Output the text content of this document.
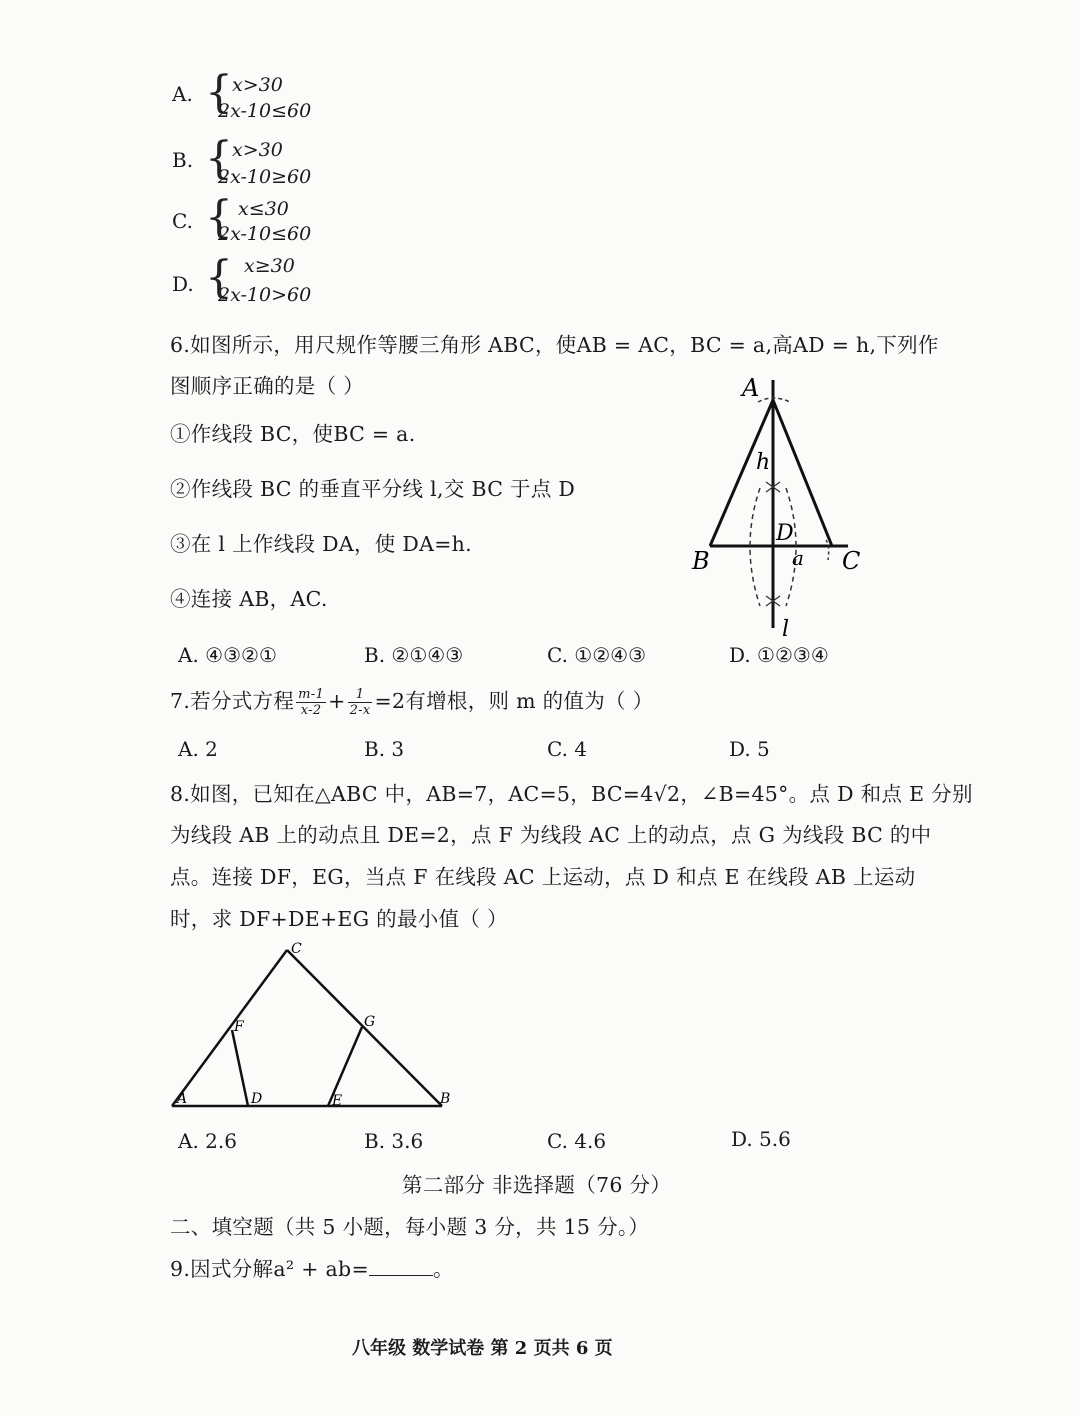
A. { x>30
2x-10≤60
B. { x>30
2x-10≥60
C. { x≤30
2x-10≤60
D. { x≥30
2x-10>60
6.如图所示，用尺规作等腰三角形 ABC，使AB = AC，BC = a,高AD = h,下列作
图顺序正确的是（ ）
①作线段 BC，使BC = a.
②作线段 BC 的垂直平分线 l,交 BC 于点 D
③在 l 上作线段 DA，使 DA=h.
④连接 AB，AC.
A
B	C
D
h
a
l
A. ④③②①	B. ②①④③	C. ①②④③	D. ①②③④
7.若分式方程 $\frac{m-1}{x-2} + \frac{1}{2-x} =2$有增根，则 m 的值为（ ）
A. 2	B. 3	C. 4	D. 5
8.如图，已知在△ABC 中，AB=7，AC=5，BC=4√2，∠B=45°。点 D 和点 E 分别
为线段 AB 上的动点且 DE=2，点 F 为线段 AC 上的动点，点 G 为线段 BC 的中
点。连接 DF，EG，当点 F 在线段 AC 上运动，点 D 和点 E 在线段 AB 上运动
时，求 DF+DE+EG 的最小值（ ）
C
F	G
A	D	E	B
A. 2.6	B. 3.6	C. 4.6	D. 5.6
第二部分 非选择题（76 分）
二、填空题（共 5 小题，每小题 3 分，共 15 分。）
9.因式分解a² + ab=	。
八年级 数学试卷 第 2 页共 6 页
